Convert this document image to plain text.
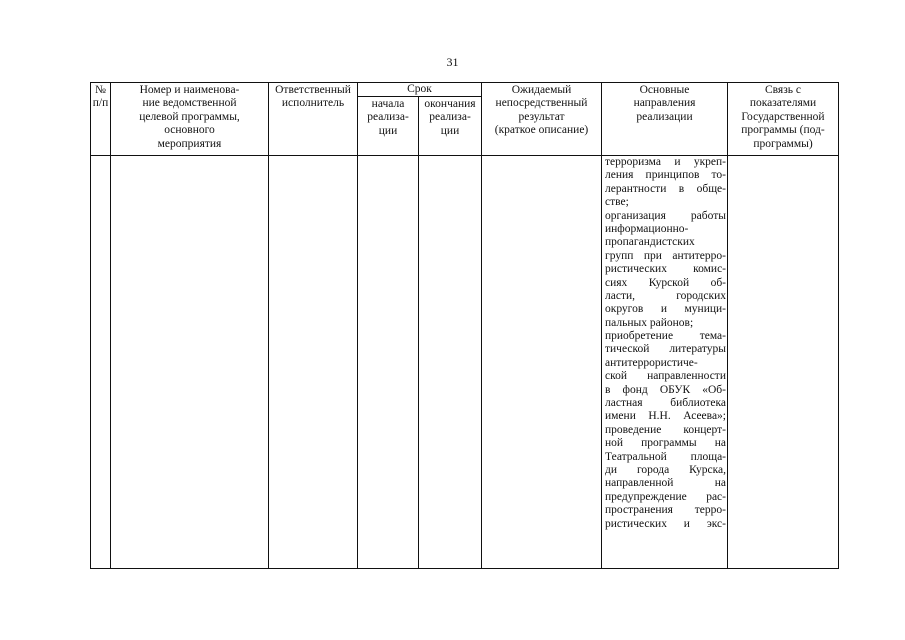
31
№
п/п
Номер и наименова-
ние ведомственной
целевой программы,
основного
мероприятия
Ответственный
исполнитель
Срок
начала
реализа-
ции
окончания
реализа-
ции
Ожидаемый
непосредственный
результат
(краткое описание)
Основные
направления
реализации
Связь с
показателями
Государственной
программы (под-
программы)
терроризма и укреп-
ления принципов то-
лерантности в обще-
стве;
организация работы
информационно-
пропагандистских
групп при антитерро-
ристических комис-
сиях Курской об-
ласти, городских
округов и муници-
пальных районов;
приобретение тема-
тической литературы
антитеррористиче-
ской направленности
в фонд ОБУК «Об-
ластная библиотека
имени Н.Н. Асеева»;
проведение концерт-
ной программы на
Театральной площа-
ди города Курска,
направленной на
предупреждение рас-
пространения терро-
ристических и экс-
